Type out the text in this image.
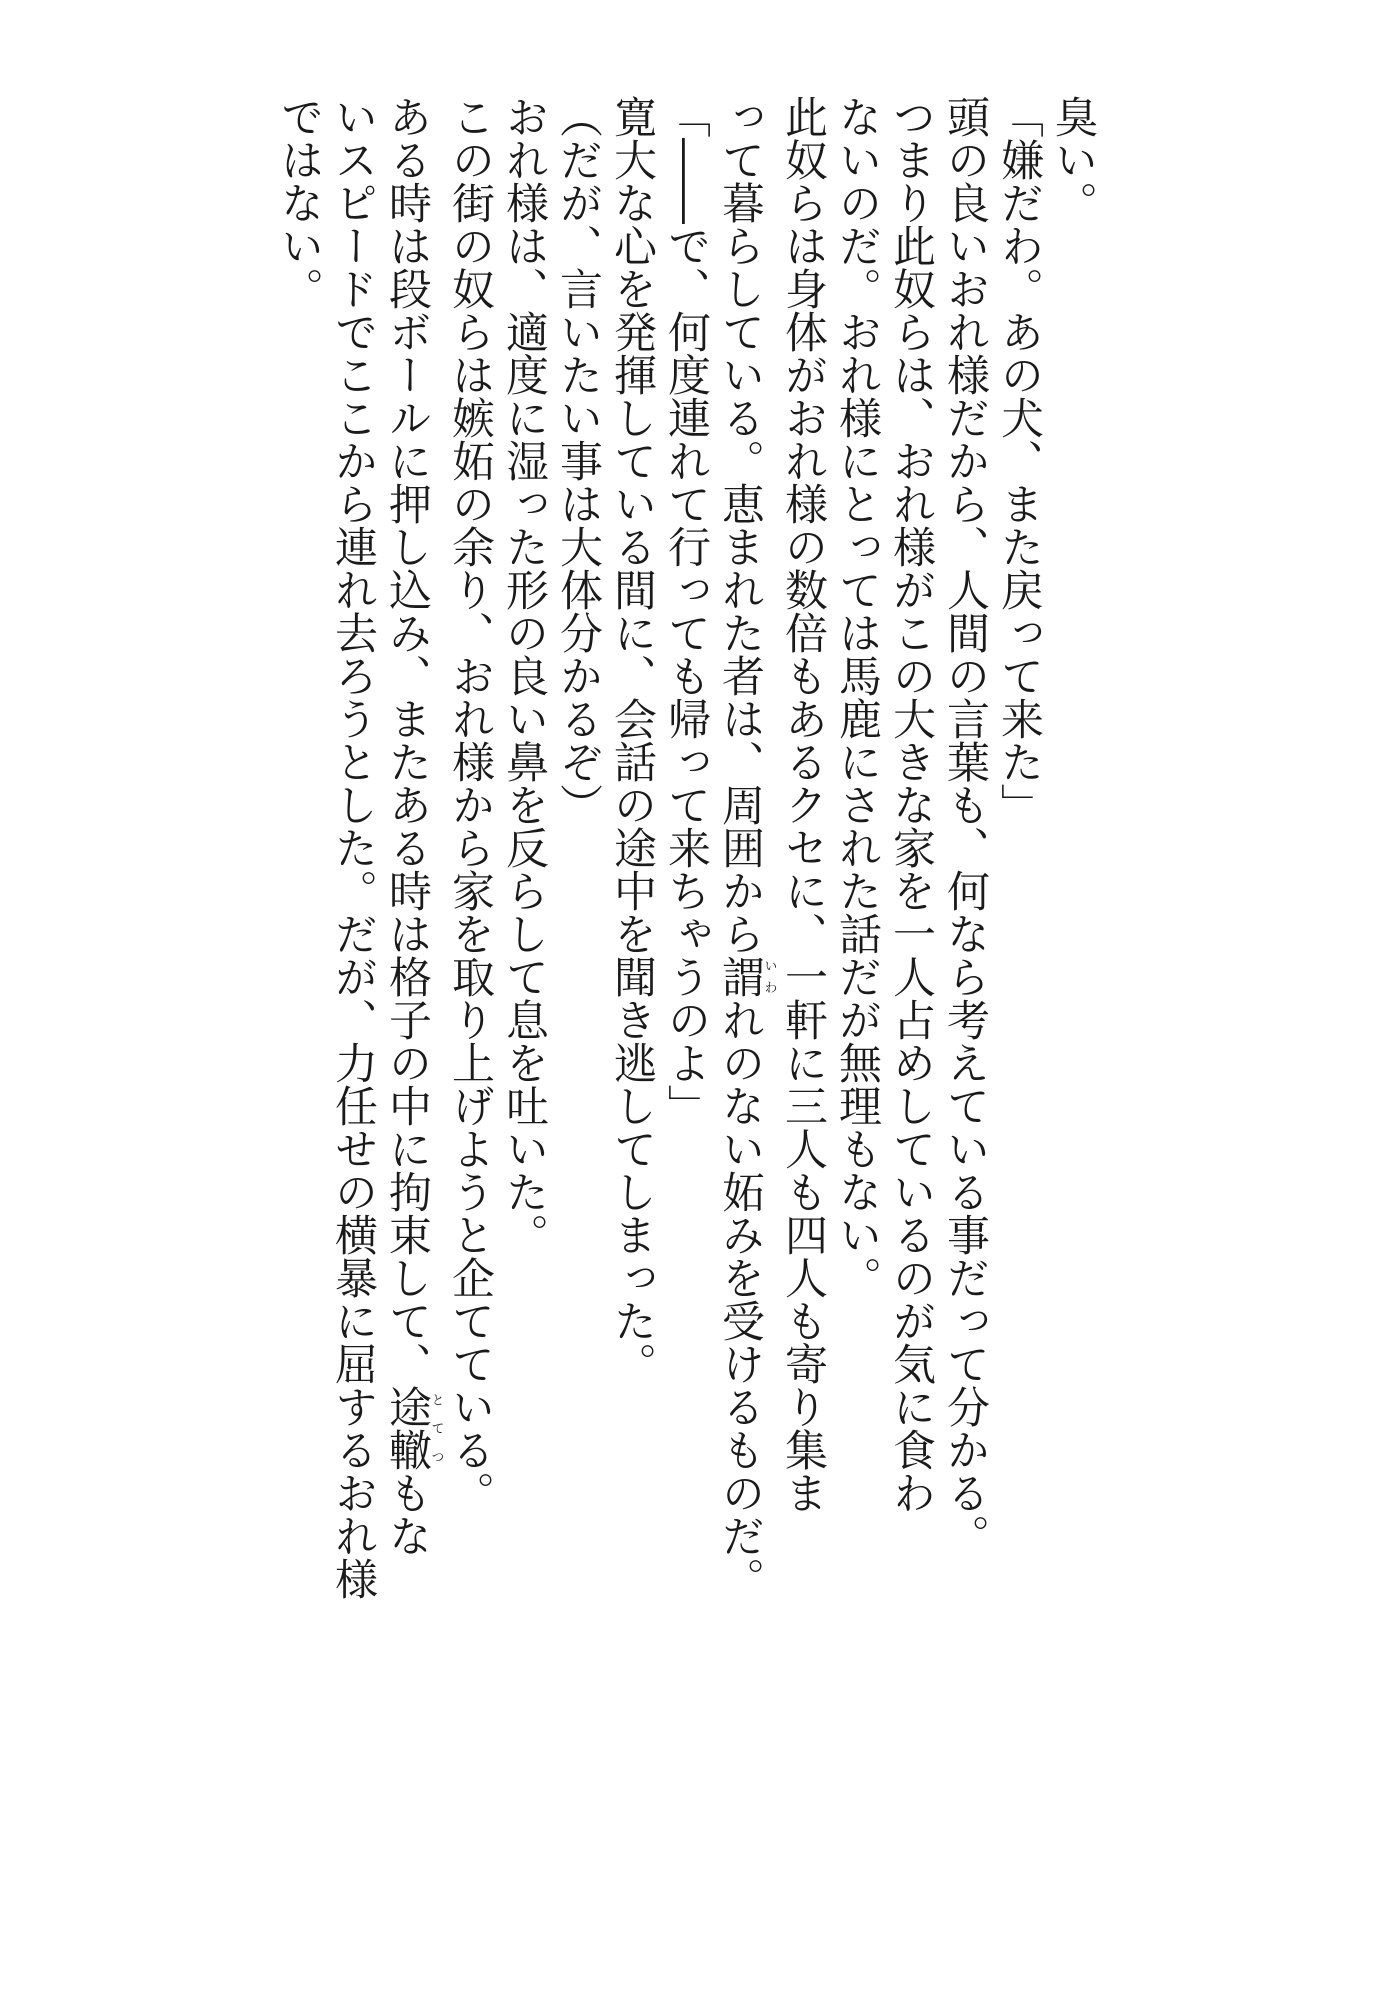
臭い。
「嫌だわ。あの犬、また戻って来た」
頭の良いおれ様だから、人間の言葉も、何なら考えている事だって分かる。
つまり此奴らは、おれ様がこの大きな家を一人占めしているのが気に食わ
ないのだ。おれ様にとっては馬鹿にされた話だが無理もない。
此奴らは身体がおれ様の数倍もあるクセに、一軒に三人も四人も寄り集ま
って暮らしている。恵まれた者は、周囲から謂いわれのない妬みを受けるものだ。
「――で、何度連れて行っても帰って来ちゃうのよ」
寛大な心を発揮している間に、会話の途中を聞き逃してしまった。
（だが、言いたい事は大体分かるぞ）
おれ様は、適度に湿った形の良い鼻を反らして息を吐いた。
この街の奴らは嫉妬の余り、おれ様から家を取り上げようと企てている。
ある時は段ボールに押し込み、またある時は格子の中に拘束して、途轍とてつもな
いスピードでここから連れ去ろうとした。だが、力任せの横暴に屈するおれ様
ではない。
